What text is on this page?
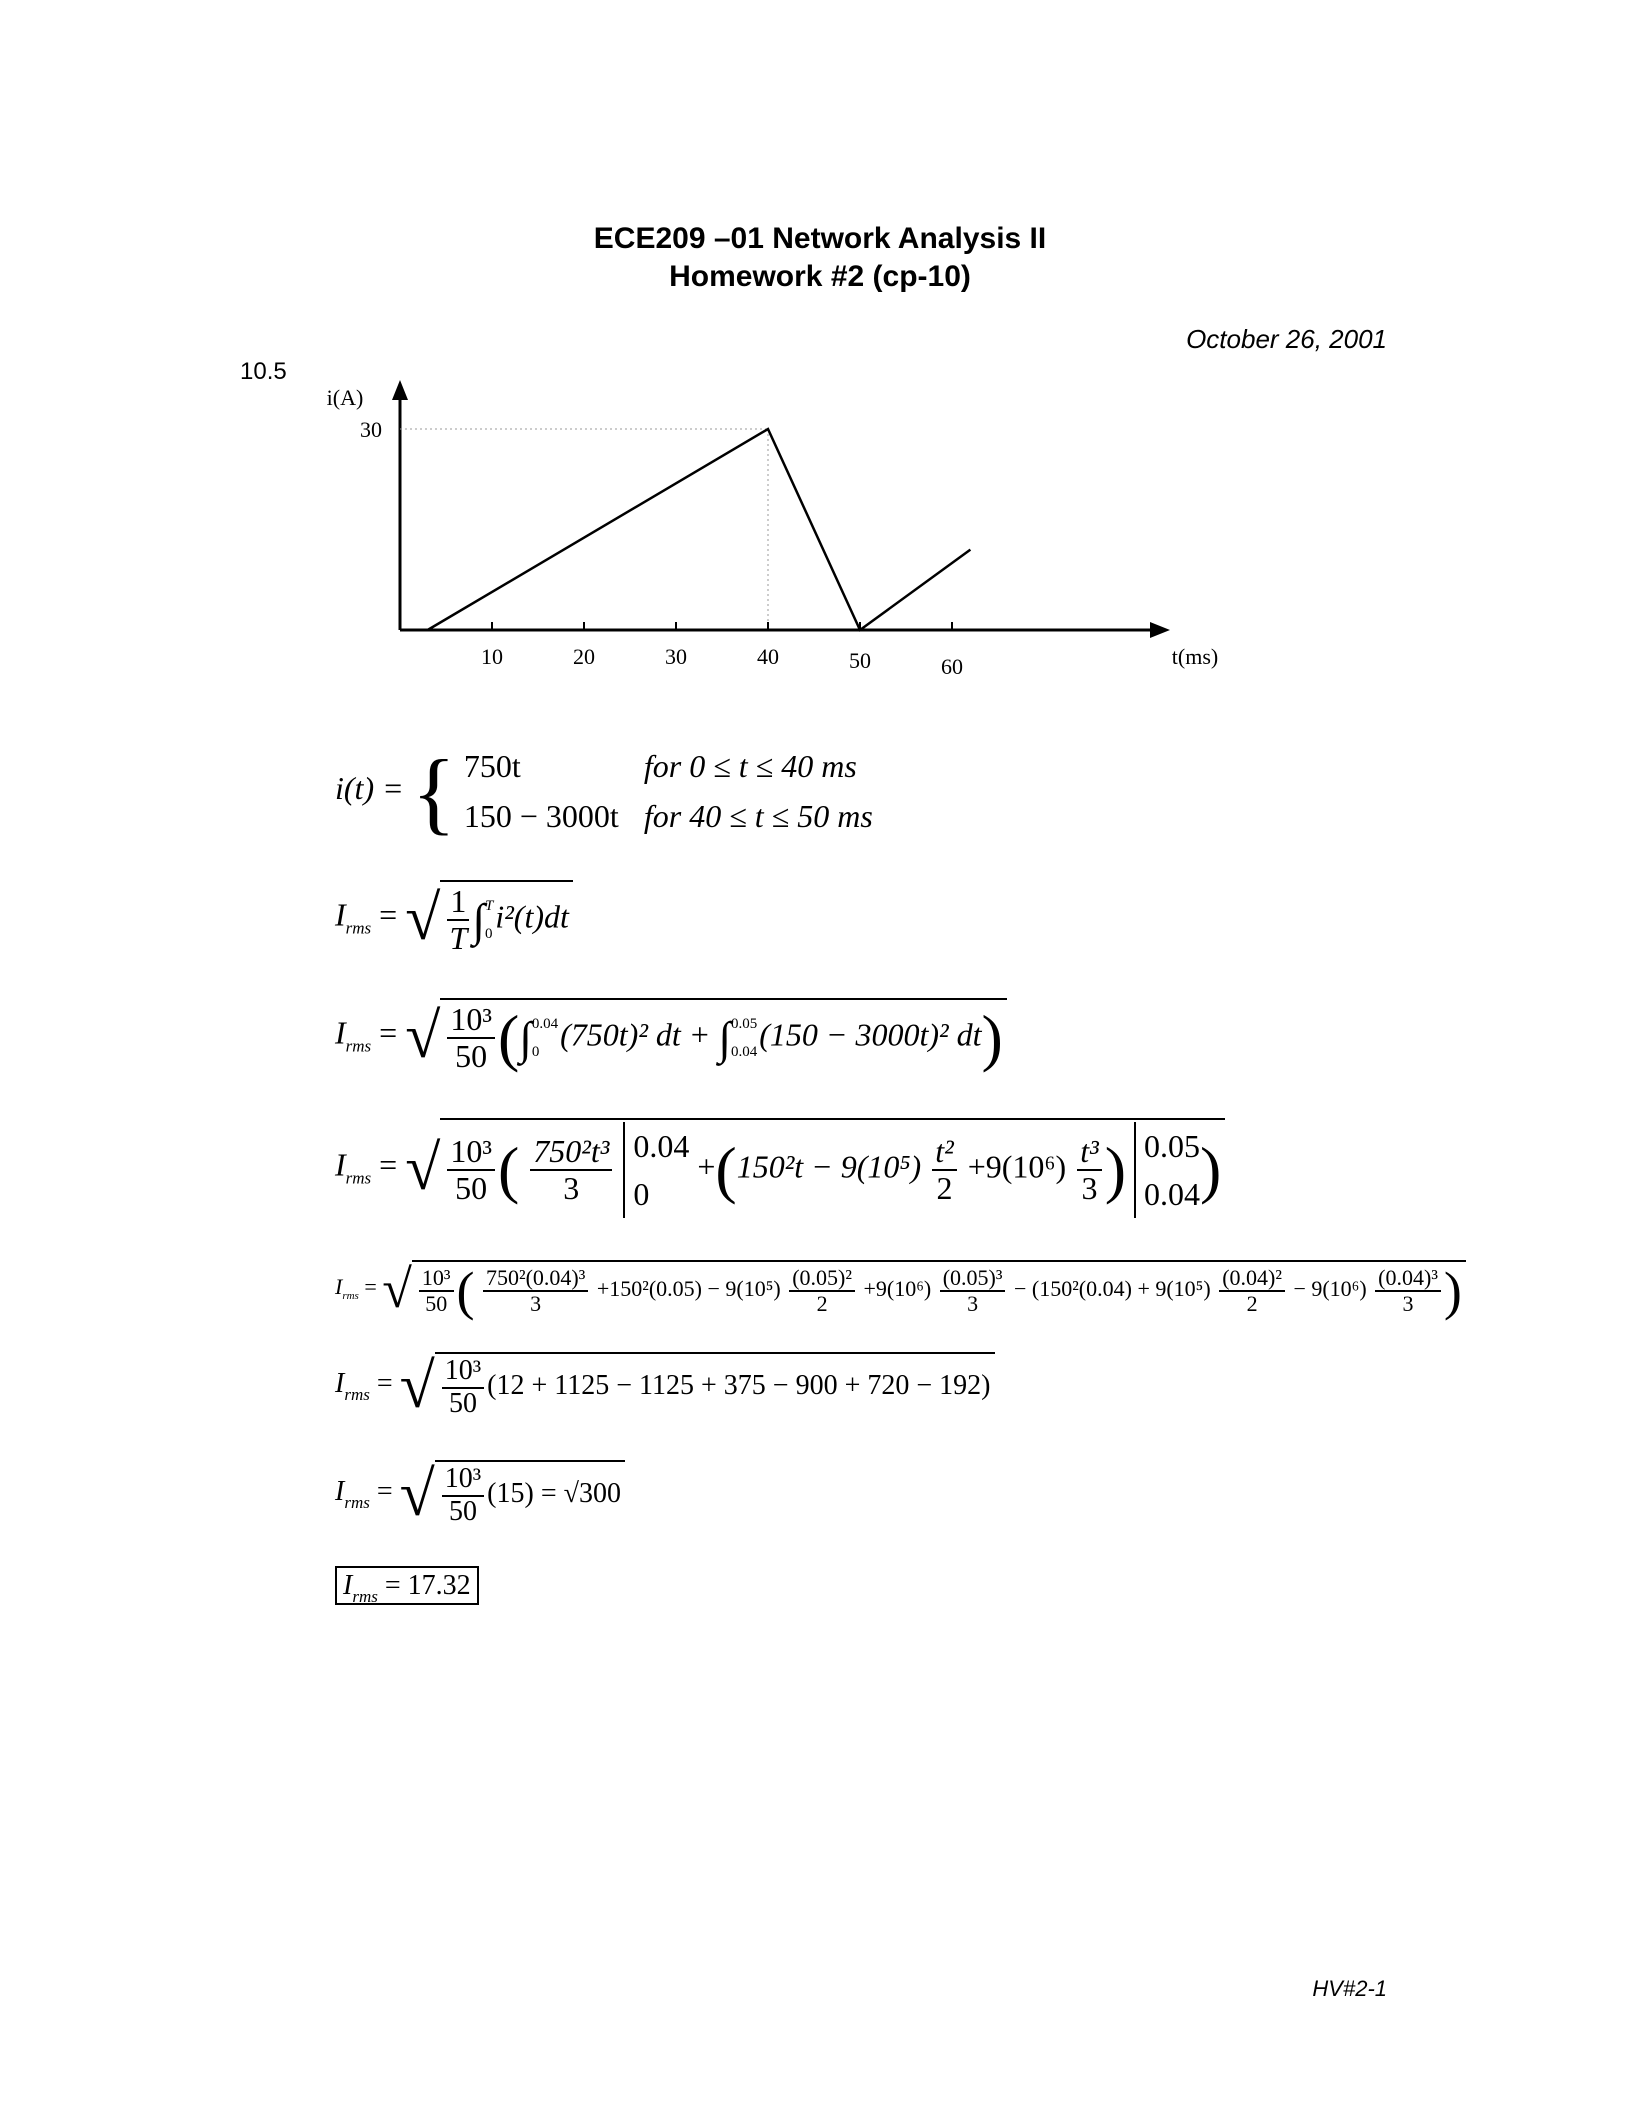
ECE209 –01 Network Analysis II
Homework #2 (cp-10)
October 26, 2001
10.5
10	20	30	40	50	60
30
i(A)
t(ms)
i(t) = { 750t	for 0 ≤ t ≤ 40 ms
150 − 3000t for 40 ≤ t ≤ 50 ms
$I_{rms}$ = √ $\frac{1}{T} \int T$
0i²(t)dt
$I_{rms}$ = √ $\frac{\text{10³}}{50} (\int 0.04$
0 (750t)² dt + ∫0.05
0.04(150 − 3000t)² dt)
$I_{rms}$ = √ $\frac{\text{10³}}{50}$ ( $\frac{\text{750²t³}}{3} 0.04$
$0 +(150^2t - 9(10^5) \frac{\text{t²}}{2} +9(10^6) \frac{\text{t³}}{3}$ ) 0.05
0.04)
$I_{rms}$ = √ $\frac{\text{10³}}{50}$ ( $\frac{\text{750²(0.04)³}}{3} +150^2(0.05) - 9(10^5) \frac{\text{(0.05)²}}{2} +9(10^6) \frac{\text{(0.05)³}}{3} - (150^2(0.04) + 9(10^5) \frac{\text{(0.04)²}}{2} - 9(10^6) \frac{\text{(0.04)³}}{3}$ )
$I_{rms}$ = √ $\frac{\text{10³}}{50} (12 + 1125 - 1125 + 375 - 900 + 720 - 192)$
$I_{rms}$ = √ $\frac{\text{10³}}{50} (15) = √300$
$I_{rms} = 17.32$
HV#2-1
